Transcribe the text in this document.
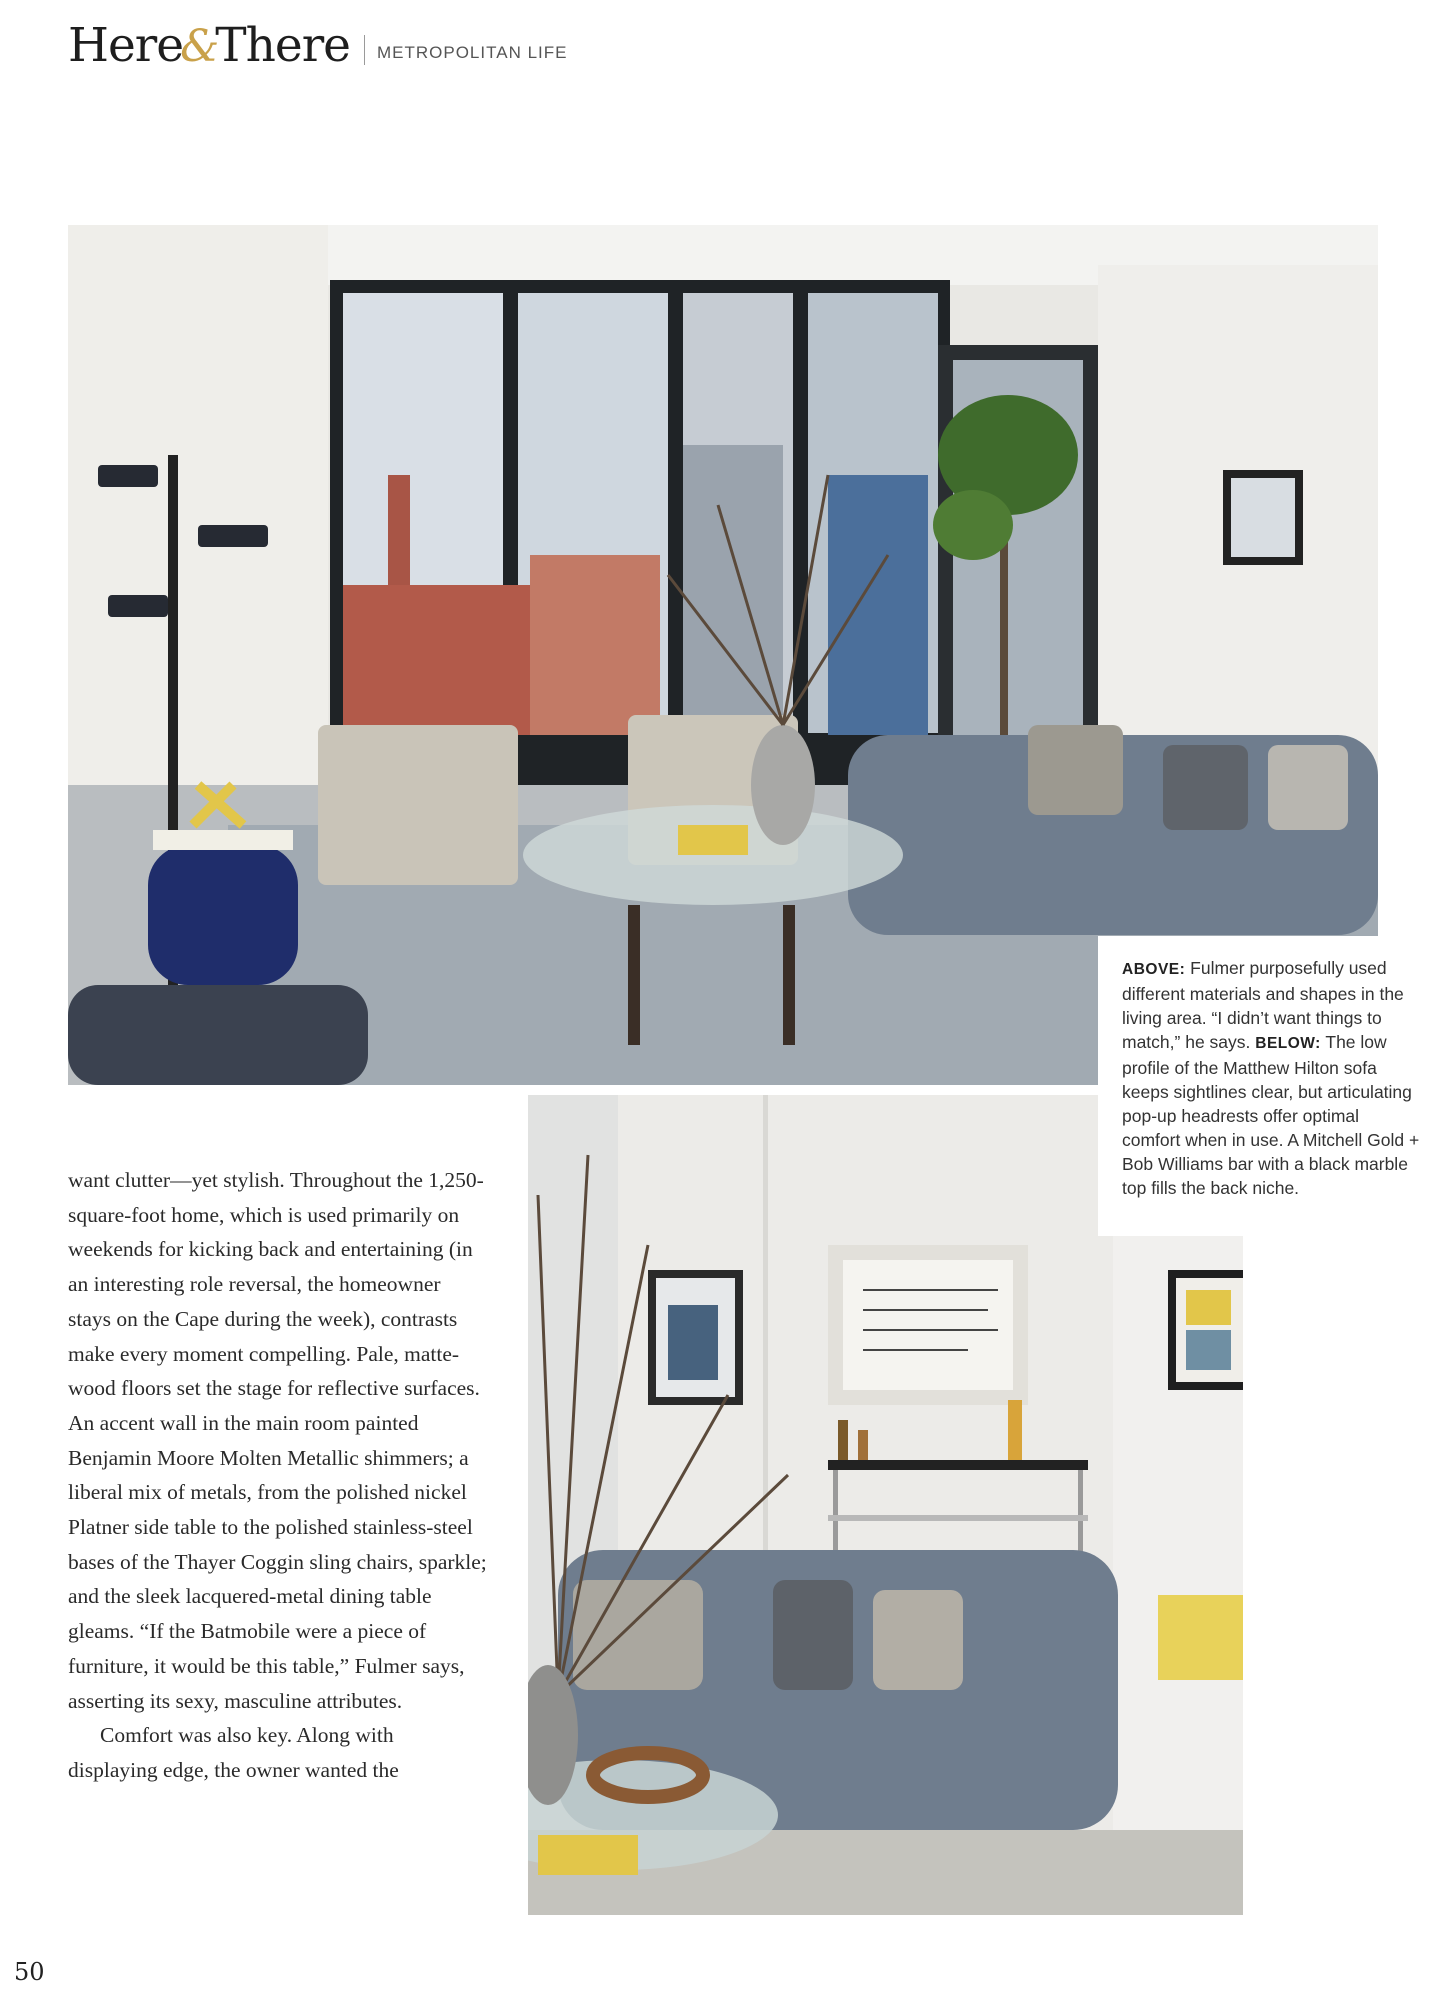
Here&There METROPOLITAN LIFE
ABOVE: Fulmer purposefully used different materials and shapes in the living area. “I didn’t want things to match,” he says. BELOW: The low profile of the Matthew Hilton sofa keeps sightlines clear, but articulating pop-up headrests offer optimal comfort when in use. A Mitchell Gold + Bob Williams bar with a black marble top fills the back niche.

want clutter—yet stylish. Throughout the 1,250-square-foot home, which is used primarily on weekends for kicking back and entertaining (in an interesting role reversal, the homeowner stays on the Cape during the week), contrasts make every moment compelling. Pale, matte-wood floors set the stage for reflective surfaces. An accent wall in the main room painted Benjamin Moore Molten Metallic shimmers; a liberal mix of metals, from the polished nickel Platner side table to the polished stainless-steel bases of the Thayer Coggin sling chairs, sparkle; and the sleek lacquered-metal dining table gleams. “If the Batmobile were a piece of furniture, it would be this table,” Fulmer says, asserting its sexy, masculine attributes.

Comfort was also key. Along with displaying edge, the owner wanted the

50
